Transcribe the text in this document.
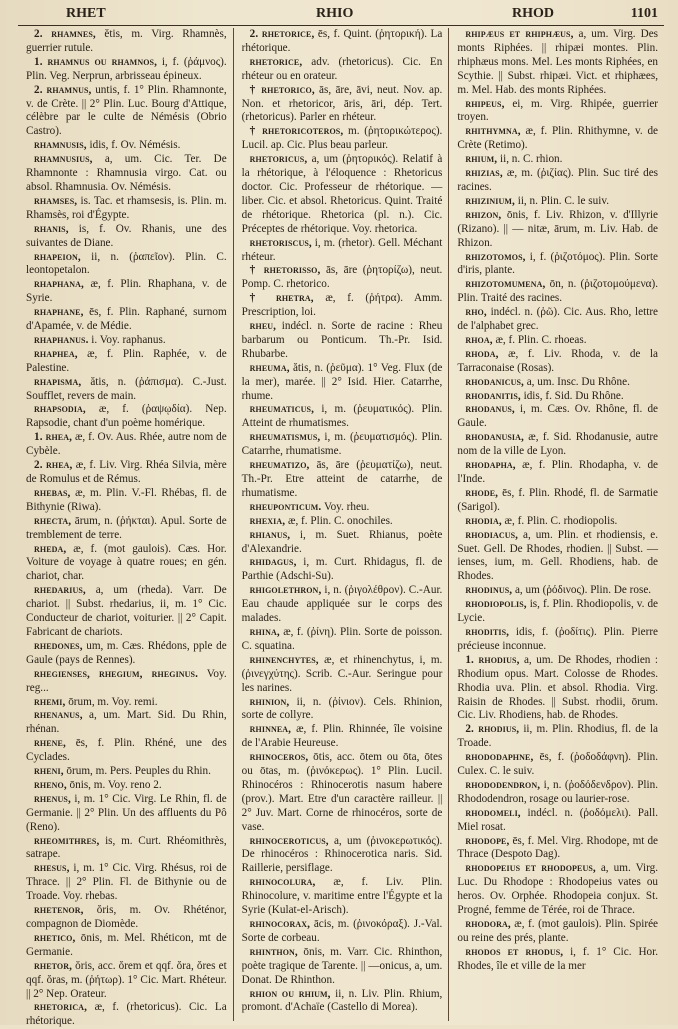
RHET	RHIO	RHOD	1101

2. rhamnes, ĕtis, m. Virg. Rhamnès, guerrier rutule.

1. rhamnus ou rhamnos, i, f. (ῥάμνος). Plin. Veg. Nerprun, arbrisseau épineux.

2. rhamnus, untis, f. 1° Plin. Rhamnonte, v. de Crète. || 2° Plin. Luc. Bourg d'Attique, célèbre par le culte de Némésis (Obrio Castro).

rhamnusis, idis, f. Ov. Némésis.

rhamnusius, a, um. Cic. Ter. De Rhamnonte : Rhamnusia virgo. Cat. ou absol. Rhamnusia. Ov. Némésis.

rhamses, is. Tac. et rhamsesis, is. Plin. m. Rhamsès, roi d'Égypte.

rhanis, is, f. Ov. Rhanis, une des suivantes de Diane.

rhapeion, ii, n. (ῥαπεῖον). Plin. C. leontopetalon.

rhaphana, æ, f. Plin. Rhaphana, v. de Syrie.

rhaphane, ēs, f. Plin. Raphané, surnom d'Apamée, v. de Médie.

rhaphanus. i. Voy. raphanus.

rhaphea, æ, f. Plin. Raphée, v. de Palestine.

rhapisma, ătis, n. (ῥάπισμα). C.-Just. Soufflet, revers de main.

rhapsodia, æ, f. (ῥαψῳδία). Nep. Rapsodie, chant d'un poème homérique.

1. rhea, æ, f. Ov. Aus. Rhée, autre nom de Cybèle.

2. rhea, æ, f. Liv. Virg. Rhéa Silvia, mère de Romulus et de Rémus.

rhebas, æ, m. Plin. V.-Fl. Rhébas, fl. de Bithynie (Riwa).

rhecta, ārum, n. (ῥήκται). Apul. Sorte de tremblement de terre.

rheda, æ, f. (mot gaulois). Cæs. Hor. Voiture de voyage à quatre roues; en gén. chariot, char.

rhedarius, a, um (rheda). Varr. De chariot. || Subst. rhedarius, ii, m. 1° Cic. Conducteur de chariot, voiturier. || 2° Capit. Fabricant de chariots.

rhedones, um, m. Cæs. Rhédons, pple de Gaule (pays de Rennes).

rhegienses, rhegium, rheginus. Voy. reg...

rhemi, ōrum, m. Voy. remi.

rhenanus, a, um. Mart. Sid. Du Rhin, rhénan.

rhene, ēs, f. Plin. Rhéné, une des Cyclades.

rheni, ōrum, m. Pers. Peuples du Rhin.

rheno, ōnis, m. Voy. reno 2.

rhenus, i, m. 1° Cic. Virg. Le Rhin, fl. de Germanie. || 2° Plin. Un des affluents du Pô (Reno).

rheomithres, is, m. Curt. Rhéomithrès, satrape.

rhesus, i, m. 1° Cic. Virg. Rhésus, roi de Thrace. || 2° Plin. Fl. de Bithynie ou de Troade. Voy. rhebas.

rhetenor, ŏris, m. Ov. Rhéténor, compagnon de Diomède.

rhetico, ōnis, m. Mel. Rhéticon, mt de Germanie.

rhetor, ŏris, acc. ŏrem et qqf. ŏra, ŏres et qqf. ŏras, m. (ῥήτωρ). 1° Cic. Mart. Rhéteur. || 2° Nep. Orateur.

rhetorica, æ, f. (rhetoricus). Cic. La rhétorique.

2. rhetorice, ēs, f. Quint. (ῥητορική). La rhétorique.

rhetorice, adv. (rhetoricus). Cic. En rhéteur ou en orateur.

† rhetorico, ās, āre, āvi, neut. Nov. ap. Non. et rhetoricor, āris, āri, dép. Tert. (rhetoricus). Parler en rhéteur.

† rhetoricoteros, m. (ῥητορικώτερος). Lucil. ap. Cic. Plus beau parleur.

rhetoricus, a, um (ῥητορικός). Relatif à la rhétorique, à l'éloquence : Rhetoricus doctor. Cic. Professeur de rhétorique. — liber. Cic. et absol. Rhetoricus. Quint. Traité de rhétorique. Rhetorica (pl. n.). Cic. Préceptes de rhétorique. Voy. rhetorica.

rhetoriscus, i, m. (rhetor). Gell. Méchant rhéteur.

† rhetorisso, ās, āre (ῥητορίζω), neut. Pomp. C. rhetorico.

† rhetra, æ, f. (ῥήτρα). Amm. Prescription, loi.

rheu, indécl. n. Sorte de racine : Rheu barbarum ou Ponticum. Th.-Pr. Isid. Rhubarbe.

rheuma, ătis, n. (ῥεῦμα). 1° Veg. Flux (de la mer), marée. || 2° Isid. Hier. Catarrhe, rhume.

rheumaticus, i, m. (ῥευματικός). Plin. Atteint de rhumatismes.

rheumatismus, i, m. (ῥευματισμός). Plin. Catarrhe, rhumatisme.

rheumatizo, ās, āre (ῥευματίζω), neut. Th.-Pr. Etre atteint de catarrhe, de rhumatisme.

rheuponticum. Voy. rheu.

rhexia, æ, f. Plin. C. onochiles.

rhianus, i, m. Suet. Rhianus, poète d'Alexandrie.

rhidagus, i, m. Curt. Rhidagus, fl. de Parthie (Adschi-Su).

rhigolethron, i, n. (ῥιγολέθρον). C.-Aur. Eau chaude appliquée sur le corps des malades.

rhina, æ, f. (ῥίνη). Plin. Sorte de poisson. C. squatina.

rhinenchytes, æ, et rhinenchytus, i, m. (ῥινεγχύτης). Scrib. C.-Aur. Seringue pour les narines.

rhinion, ii, n. (ῥίνιον). Cels. Rhinion, sorte de collyre.

rhinnea, æ, f. Plin. Rhinnée, île voisine de l'Arabie Heureuse.

rhinoceros, ōtis, acc. ōtem ou ōta, ōtes ou ōtas, m. (ῥινόκερως). 1° Plin. Lucil. Rhinocéros : Rhinocerotis nasum habere (prov.). Mart. Etre d'un caractère railleur. || 2° Juv. Mart. Corne de rhinocéros, sorte de vase.

rhinoceroticus, a, um (ῥινοκερωτικός). De rhinocéros : Rhinocerotica naris. Sid. Raillerie, persiflage.

rhinocolura, æ, f. Liv. Plin. Rhinocolure, v. maritime entre l'Égypte et la Syrie (Kulat-el-Arisch).

rhinocorax, ācis, m. (ῥινοκόραξ). J.-Val. Sorte de corbeau.

rhinthon, ōnis, m. Varr. Cic. Rhinthon, poète tragique de Tarente. || —onicus, a, um. Donat. De Rhinthon.

rhion ou rhium, ii, n. Liv. Plin. Rhium, promont. d'Achaïe (Castello di Morea).

rhipæus et rhiphæus, a, um. Virg. Des monts Riphées. || rhipæi montes. Plin. rhiphæus mons. Mel. Les monts Riphées, en Scythie. || Subst. rhipæi. Vict. et rhiphæes, m. Mel. Hab. des monts Riphées.

rhipeus, ei, m. Virg. Rhipée, guerrier troyen.

rhithymna, æ, f. Plin. Rhithymne, v. de Crète (Retimo).

rhium, ii, n. C. rhion.

rhizias, æ, m. (ῥιζίας). Plin. Suc tiré des racines.

rhizinium, ii, n. Plin. C. le suiv.

rhizon, ōnis, f. Liv. Rhizon, v. d'Illyrie (Rizano). || — nitæ, ārum, m. Liv. Hab. de Rhizon.

rhizotomos, i, f. (ῥιζοτόμος). Plin. Sorte d'iris, plante.

rhizotomumena, ōn, n. (ῥιζοτομούμενα). Plin. Traité des racines.

rho, indécl. n. (ῥῶ). Cic. Aus. Rho, lettre de l'alphabet grec.

rhoa, æ, f. Plin. C. rhoeas.

rhoda, æ, f. Liv. Rhoda, v. de la Tarraconaise (Rosas).

rhodanicus, a, um. Insc. Du Rhône.

rhodanitis, idis, f. Sid. Du Rhône.

rhodanus, i, m. Cæs. Ov. Rhône, fl. de Gaule.

rhodanusia, æ, f. Sid. Rhodanusie, autre nom de la ville de Lyon.

rhodapha, æ, f. Plin. Rhodapha, v. de l'Inde.

rhode, ēs, f. Plin. Rhodé, fl. de Sarmatie (Sarigol).

rhodia, æ, f. Plin. C. rhodiopolis.

rhodiacus, a, um. Plin. et rhodiensis, e. Suet. Gell. De Rhodes, rhodien. || Subst. — ienses, ium, m. Gell. Rhodiens, hab. de Rhodes.

rhodinus, a, um (ῥόδινος). Plin. De rose.

rhodiopolis, is, f. Plin. Rhodiopolis, v. de Lycie.

rhoditis, idis, f. (ῥοδίτις). Plin. Pierre précieuse inconnue.

1. rhodius, a, um. De Rhodes, rhodien : Rhodium opus. Mart. Colosse de Rhodes. Rhodia uva. Plin. et absol. Rhodia. Virg. Raisin de Rhodes. || Subst. rhodii, ōrum. Cic. Liv. Rhodiens, hab. de Rhodes.

2. rhodius, ii, m. Plin. Rhodius, fl. de la Troade.

rhododaphne, ēs, f. (ῥοδοδάφνη). Plin. Culex. C. le suiv.

rhododendron, i, n. (ῥοδόδενδρον). Plin. Rhododendron, rosage ou laurier-rose.

rhodomeli, indécl. n. (ῥοδόμελι). Pall. Miel rosat.

rhodope, ēs, f. Mel. Virg. Rhodope, mt de Thrace (Despoto Dag).

rhodopeius et rhodopeus, a, um. Virg. Luc. Du Rhodope : Rhodopeius vates ou heros. Ov. Orphée. Rhodopeia conjux. St. Progné, femme de Térée, roi de Thrace.

rhodora, æ, f. (mot gaulois). Plin. Spirée ou reine des prés, plante.

rhodos et rhodus, i, f. 1° Cic. Hor. Rhodes, île et ville de la mer
